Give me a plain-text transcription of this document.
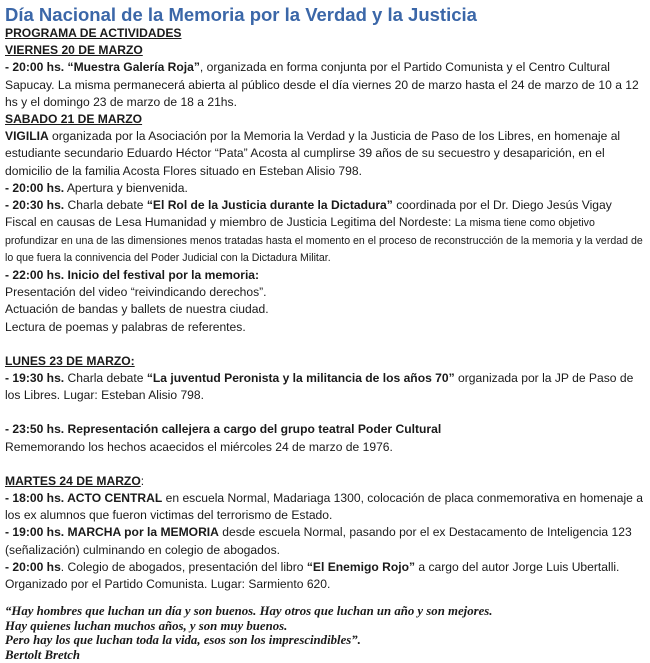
Día Nacional de la Memoria por la Verdad y la Justicia

PROGRAMA DE ACTIVIDADES

VIERNES 20 DE MARZO

- 20:00 hs. “Muestra Galería Roja”, organizada en forma conjunta por el Partido Comunista y el Centro Cultural Sapucay. La misma permanecerá abierta al público desde el día viernes 20 de marzo hasta el 24 de marzo de 10 a 12 hs y el domingo 23 de marzo de 18 a 21hs.

SABADO 21 DE MARZO

VIGILIA organizada por la Asociación por la Memoria la Verdad y la Justicia de Paso de los Libres, en homenaje al estudiante secundario Eduardo Héctor “Pata” Acosta al cumplirse 39 años de su secuestro y desaparición, en el domicilio de la familia Acosta Flores situado en Esteban Alisio 798.

- 20:00 hs. Apertura y bienvenida.

- 20:30 hs. Charla debate “El Rol de la Justicia durante la Dictadura” coordinada por el Dr. Diego Jesús Vigay Fiscal en causas de Lesa Humanidad y miembro de Justicia Legitima del Nordeste: La misma tiene como objetivo profundizar en una de las dimensiones menos tratadas hasta el momento en el proceso de reconstrucción de la memoria y la verdad de lo que fuera la connivencia del Poder Judicial con la Dictadura Militar.

- 22:00 hs. Inicio del festival por la memoria:

Presentación del video “reivindicando derechos”.

Actuación de bandas y ballets de nuestra ciudad.

Lectura de poemas y palabras de referentes.

LUNES 23 DE MARZO:

- 19:30 hs. Charla debate “La juventud Peronista y la militancia de los años 70” organizada por la JP de Paso de los Libres. Lugar: Esteban Alisio 798.

- 23:50 hs. Representación callejera a cargo del grupo teatral Poder Cultural

Rememorando los hechos acaecidos el miércoles 24 de marzo de 1976.

MARTES 24 DE MARZO:

- 18:00 hs. ACTO CENTRAL en escuela Normal, Madariaga 1300, colocación de placa conmemorativa en homenaje a los ex alumnos que fueron victimas del terrorismo de Estado.

- 19:00 hs. MARCHA por la MEMORIA desde escuela Normal, pasando por el ex Destacamento de Inteligencia 123 (señalización) culminando en colegio de abogados.

- 20:00 hs. Colegio de abogados, presentación del libro “El Enemigo Rojo” a cargo del autor Jorge Luis Ubertalli. Organizado por el Partido Comunista. Lugar: Sarmiento 620.

“Hay hombres que luchan un día y son buenos. Hay otros que luchan un año y son mejores.

Hay quienes luchan muchos años, y son muy buenos.

Pero hay los que luchan toda la vida, esos son los imprescindibles”.

Bertolt Bretch
